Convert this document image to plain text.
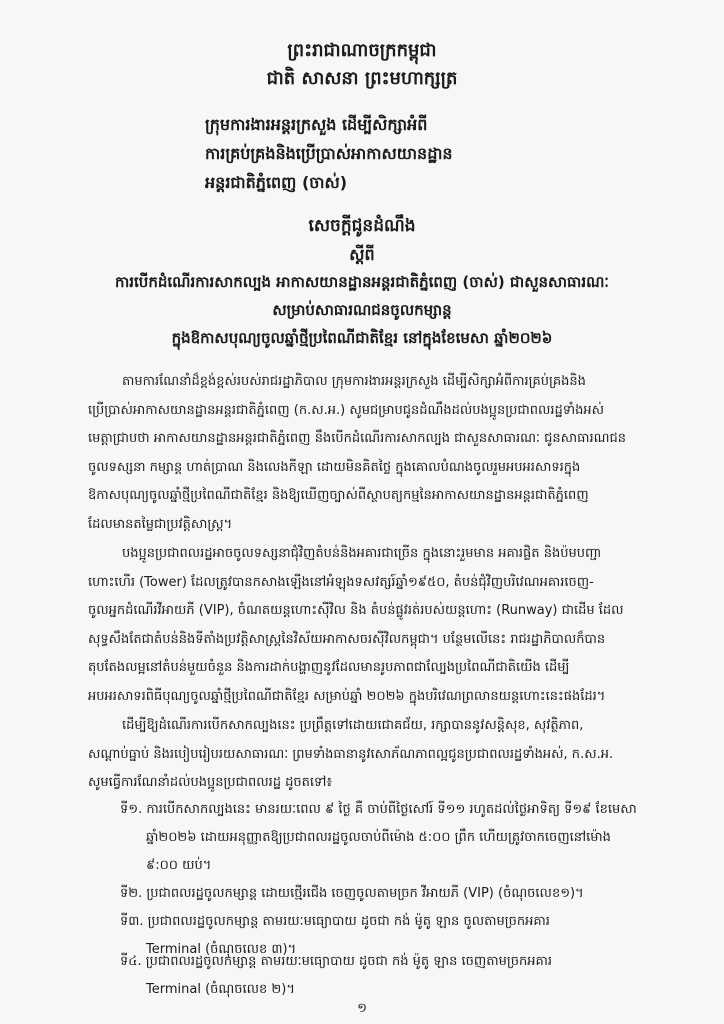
ព្រះរាជាណាចក្រកម្ពុជា
ជាតិ សាសនា ព្រះមហាក្សត្រ
ក្រុមការងារអន្តរក្រសួង ដើម្បីសិក្សាអំពី
ការគ្រប់គ្រងនិងប្រើប្រាស់អាកាសយានដ្ឋាន
អន្តរជាតិភ្នំពេញ (ចាស់)
សេចក្តីជូនដំណឹង
ស្តីពី
ការបើកដំណើរការសាកល្បង អាកាសយានដ្ឋានអន្តរជាតិភ្នំពេញ (ចាស់) ជាសួនសាធារណៈ
សម្រាប់សាធារណជនចូលកម្សាន្ត
ក្នុងឱកាសបុណ្យចូលឆ្នាំថ្មីប្រពៃណីជាតិខ្មែរ នៅក្នុងខែមេសា ឆ្នាំ២០២៦
តាមការណែនាំដ៏ខ្ពង់ខ្ពស់របស់រាជរដ្ឋាភិបាល ក្រុមការងារអន្តរក្រសួង ដើម្បីសិក្សាអំពីការគ្រប់គ្រងនិង
ប្រើប្រាស់អាកាសយានដ្ឋានអន្តរជាតិភ្នំពេញ (ក.ស.អ.) សូមជម្រាបជូនដំណឹងដល់បងប្អូនប្រជាពលរដ្ឋទាំងអស់
មេត្តាជ្រាបថា អាកាសយានដ្ឋានអន្តរជាតិភ្នំពេញ នឹងបើកដំណើរការសាកល្បង ជាសួនសាធារណៈ ជូនសាធារណជន
ចូលទស្សនា កម្សាន្ត ហាត់ប្រាណ និងលេងកីឡា ដោយមិនគិតថ្លៃ ក្នុងគោលបំណងចូលរួមអបអរសាទរក្នុង
ឱកាសបុណ្យចូលឆ្នាំថ្មីប្រពៃណីជាតិខ្មែរ និងឱ្យឃើញច្បាស់ពីស្ថាបត្យកម្មនៃអាកាសយានដ្ឋានអន្តរជាតិភ្នំពេញ
ដែលមានតម្លៃជាប្រវត្តិសាស្ត្រ។
បងប្អូនប្រជាពលរដ្ឋអាចចូលទស្សនាជុំវិញតំបន់និងអគារជាច្រើន ក្នុងនោះរួមមាន អគារផ្លិត និងប៉មបញ្ជា
ហោះហើរ (Tower) ដែលត្រូវបានកសាងឡើងនៅអំឡុងទសវត្សរ៍ឆ្នាំ១៩៥០, តំបន់ជុំវិញបរិវេណអគារចេញ-
ចូលអ្នកដំណើរវីអាយភី (VIP), ចំណតយន្តហោះស៊ីវិល និង តំបន់ផ្លូវរត់របស់យន្តហោះ (Runway) ជាដើម ដែល
សុទ្ធសឹងតែជាតំបន់និងទីតាំងប្រវត្តិសាស្ត្រនៃវិស័យអាកាសចរស៊ីវិលកម្ពុជា។ បន្ថែមលើនេះ រាជរដ្ឋាភិបាលក៏បាន
តុបតែងលម្អនៅតំបន់មួយចំនួន និងការដាក់បង្ហាញនូវដែលមានរូបភាពជាល្បែងប្រពៃណីជាតិយើង ដើម្បី
អបអរសាទរពិធីបុណ្យចូលឆ្នាំថ្មីប្រពៃណីជាតិខ្មែរ សម្រាប់ឆ្នាំ ២០២៦ ក្នុងបរិវេណព្រលានយន្តហោះនេះផងដែរ។
ដើម្បីឱ្យដំណើរការបើកសាកល្បងនេះ ប្រព្រឹត្តទៅដោយជោគជ័យ, រក្សាបាននូវសន្តិសុខ, សុវត្ថិភាព,
សណ្តាប់ធ្នាប់ និងរបៀបរៀបរយសាធារណៈ ព្រមទាំងធានានូវសោភ័ណភាពល្អជូនប្រជាពលរដ្ឋទាំងអស់, ក.ស.អ.
សូមធ្វើការណែនាំដល់បងប្អូនប្រជាពលរដ្ឋ ដូចតទៅ៖
ទី១. ការបើកសាកល្បងនេះ មានរយៈពេល ៩ ថ្ងៃ គឺ ចាប់ពីថ្ងៃសៅរ៍ ទី១១ រហូតដល់ថ្ងៃអាទិត្យ ទី១៩ ខែមេសា
ឆ្នាំ២០២៦ ដោយអនុញ្ញាតឱ្យប្រជាពលរដ្ឋចូលចាប់ពីម៉ោង ៥:០០ ព្រឹក ហើយត្រូវចាកចេញនៅម៉ោង
៩:០០ យប់។
ទី២. ប្រជាពលរដ្ឋចូលកម្សាន្ត ដោយថ្មើរជើង ចេញចូលតាមច្រក វីអាយភី (VIP) (ចំណុចលេខ១)។
ទី៣. ប្រជាពលរដ្ឋចូលកម្សាន្ត តាមរយៈមធ្យោបាយ ដូចជា កង់ ម៉ូតូ ឡាន ចូលតាមច្រកអគារ
Terminal (ចំណុចលេខ ៣)។
ទី៤. ប្រជាពលរដ្ឋចូលកម្សាន្ត តាមរយៈមធ្យោបាយ ដូចជា កង់ ម៉ូតូ ឡាន ចេញតាមច្រកអគារ
Terminal (ចំណុចលេខ ២)។
១
